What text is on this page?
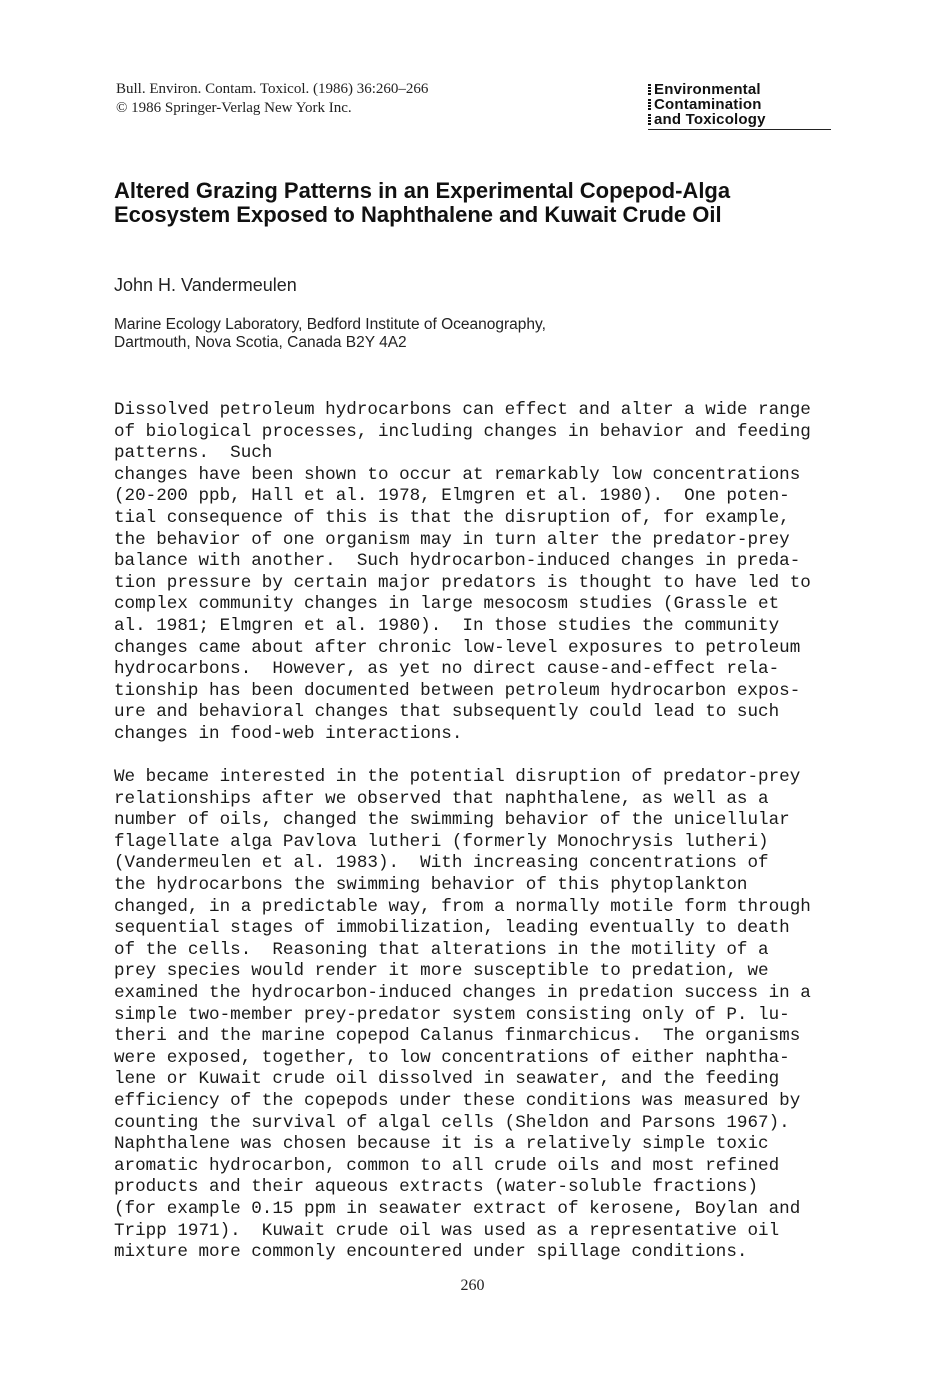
Bull. Environ. Contam. Toxicol. (1986) 36:260–266
© 1986 Springer-Verlag New York Inc.
Environmental
Contamination
and Toxicology
Altered Grazing Patterns in an Experimental Copepod-Alga Ecosystem Exposed to Naphthalene and Kuwait Crude Oil
John H. Vandermeulen
Marine Ecology Laboratory, Bedford Institute of Oceanography,
Dartmouth, Nova Scotia, Canada B2Y 4A2
Dissolved petroleum hydrocarbons can effect and alter a wide range
of biological processes, including changes in behavior and feeding
patterns.  Such
changes have been shown to occur at remarkably low concentrations
(20-200 ppb, Hall et al. 1978, Elmgren et al. 1980).  One poten-
tial consequence of this is that the disruption of, for example,
the behavior of one organism may in turn alter the predator-prey
balance with another.  Such hydrocarbon-induced changes in preda-
tion pressure by certain major predators is thought to have led to
complex community changes in large mesocosm studies (Grassle et
al. 1981; Elmgren et al. 1980).  In those studies the community
changes came about after chronic low-level exposures to petroleum
hydrocarbons.  However, as yet no direct cause-and-effect rela-
tionship has been documented between petroleum hydrocarbon expos-
ure and behavioral changes that subsequently could lead to such
changes in food-web interactions.
We became interested in the potential disruption of predator-prey
relationships after we observed that naphthalene, as well as a
number of oils, changed the swimming behavior of the unicellular
flagellate alga Pavlova lutheri (formerly Monochrysis lutheri)
(Vandermeulen et al. 1983).  With increasing concentrations of
the hydrocarbons the swimming behavior of this phytoplankton
changed, in a predictable way, from a normally motile form through
sequential stages of immobilization, leading eventually to death
of the cells.  Reasoning that alterations in the motility of a
prey species would render it more susceptible to predation, we
examined the hydrocarbon-induced changes in predation success in a
simple two-member prey-predator system consisting only of P. lu-
theri and the marine copepod Calanus finmarchicus.  The organisms
were exposed, together, to low concentrations of either naphtha-
lene or Kuwait crude oil dissolved in seawater, and the feeding
efficiency of the copepods under these conditions was measured by
counting the survival of algal cells (Sheldon and Parsons 1967).
Naphthalene was chosen because it is a relatively simple toxic
aromatic hydrocarbon, common to all crude oils and most refined
products and their aqueous extracts (water-soluble fractions)
(for example 0.15 ppm in seawater extract of kerosene, Boylan and
Tripp 1971).  Kuwait crude oil was used as a representative oil
mixture more commonly encountered under spillage conditions.
260
